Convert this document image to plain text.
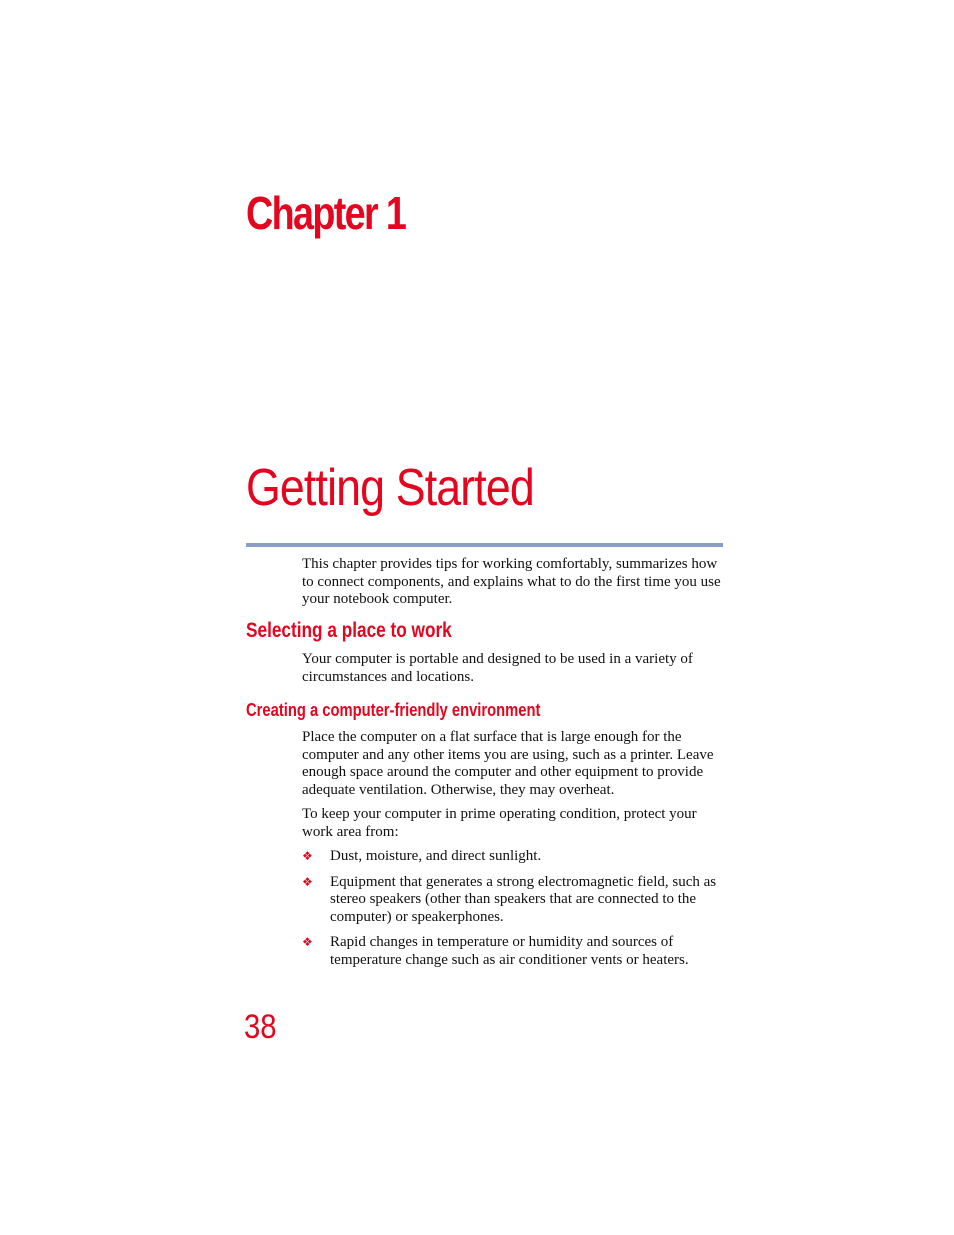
Chapter 1
Getting Started

This chapter provides tips for working comfortably, summarizes how to connect components, and explains what to do the first time you use your notebook computer.

Selecting a place to work

Your computer is portable and designed to be used in a variety of circumstances and locations.

Creating a computer-friendly environment

Place the computer on a flat surface that is large enough for the computer and any other items you are using, such as a printer. Leave enough space around the computer and other equipment to provide adequate ventilation. Otherwise, they may overheat.

To keep your computer in prime operating condition, protect your work area from:

❖ Dust, moisture, and direct sunlight.
❖ Equipment that generates a strong electromagnetic field, such as stereo speakers (other than speakers that are connected to the computer) or speakerphones.
❖ Rapid changes in temperature or humidity and sources of temperature change such as air conditioner vents or heaters.
38
